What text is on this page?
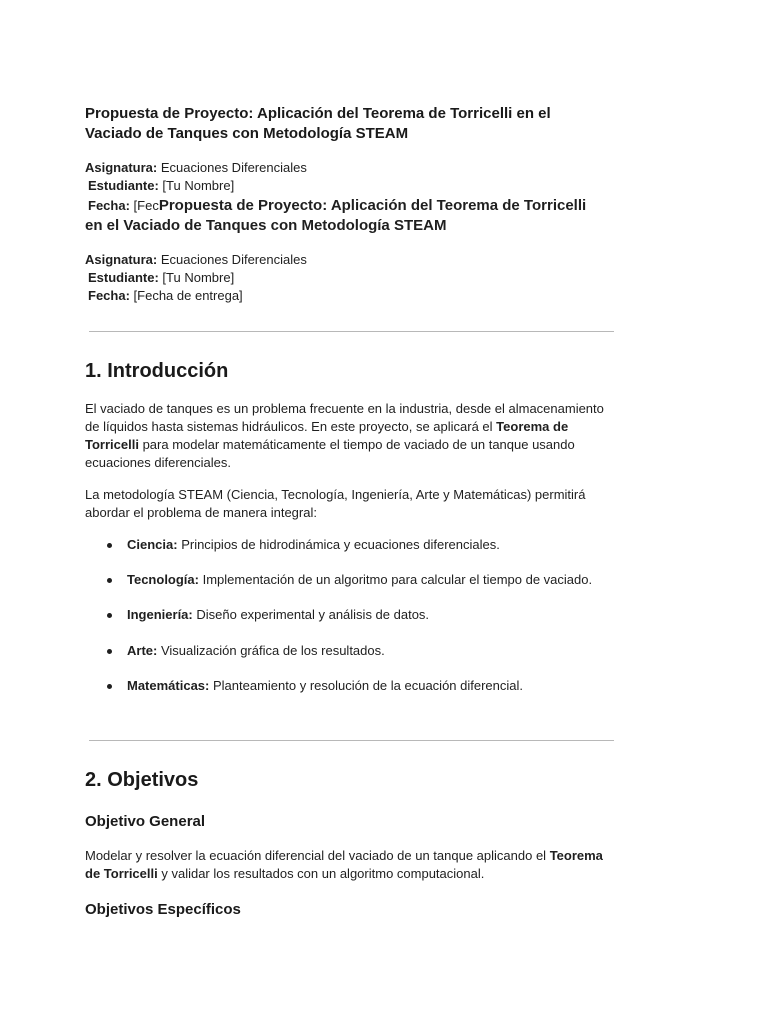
Propuesta de Proyecto: Aplicación del Teorema de Torricelli en el
Vaciado de Tanques con Metodología STEAM
Asignatura: Ecuaciones Diferenciales
Estudiante: [Tu Nombre]
Fecha: [FecPropuesta de Proyecto: Aplicación del Teorema de Torricelli
en el Vaciado de Tanques con Metodología STEAM
Asignatura: Ecuaciones Diferenciales
Estudiante: [Tu Nombre]
Fecha: [Fecha de entrega]
1. Introducción
El vaciado de tanques es un problema frecuente en la industria, desde el almacenamiento
de líquidos hasta sistemas hidráulicos. En este proyecto, se aplicará el Teorema de
Torricelli para modelar matemáticamente el tiempo de vaciado de un tanque usando
ecuaciones diferenciales.
La metodología STEAM (Ciencia, Tecnología, Ingeniería, Arte y Matemáticas) permitirá
abordar el problema de manera integral:
Ciencia: Principios de hidrodinámica y ecuaciones diferenciales.
Tecnología: Implementación de un algoritmo para calcular el tiempo de vaciado.
Ingeniería: Diseño experimental y análisis de datos.
Arte: Visualización gráfica de los resultados.
Matemáticas: Planteamiento y resolución de la ecuación diferencial.
2. Objetivos
Objetivo General
Modelar y resolver la ecuación diferencial del vaciado de un tanque aplicando el Teorema
de Torricelli y validar los resultados con un algoritmo computacional.
Objetivos Específicos
